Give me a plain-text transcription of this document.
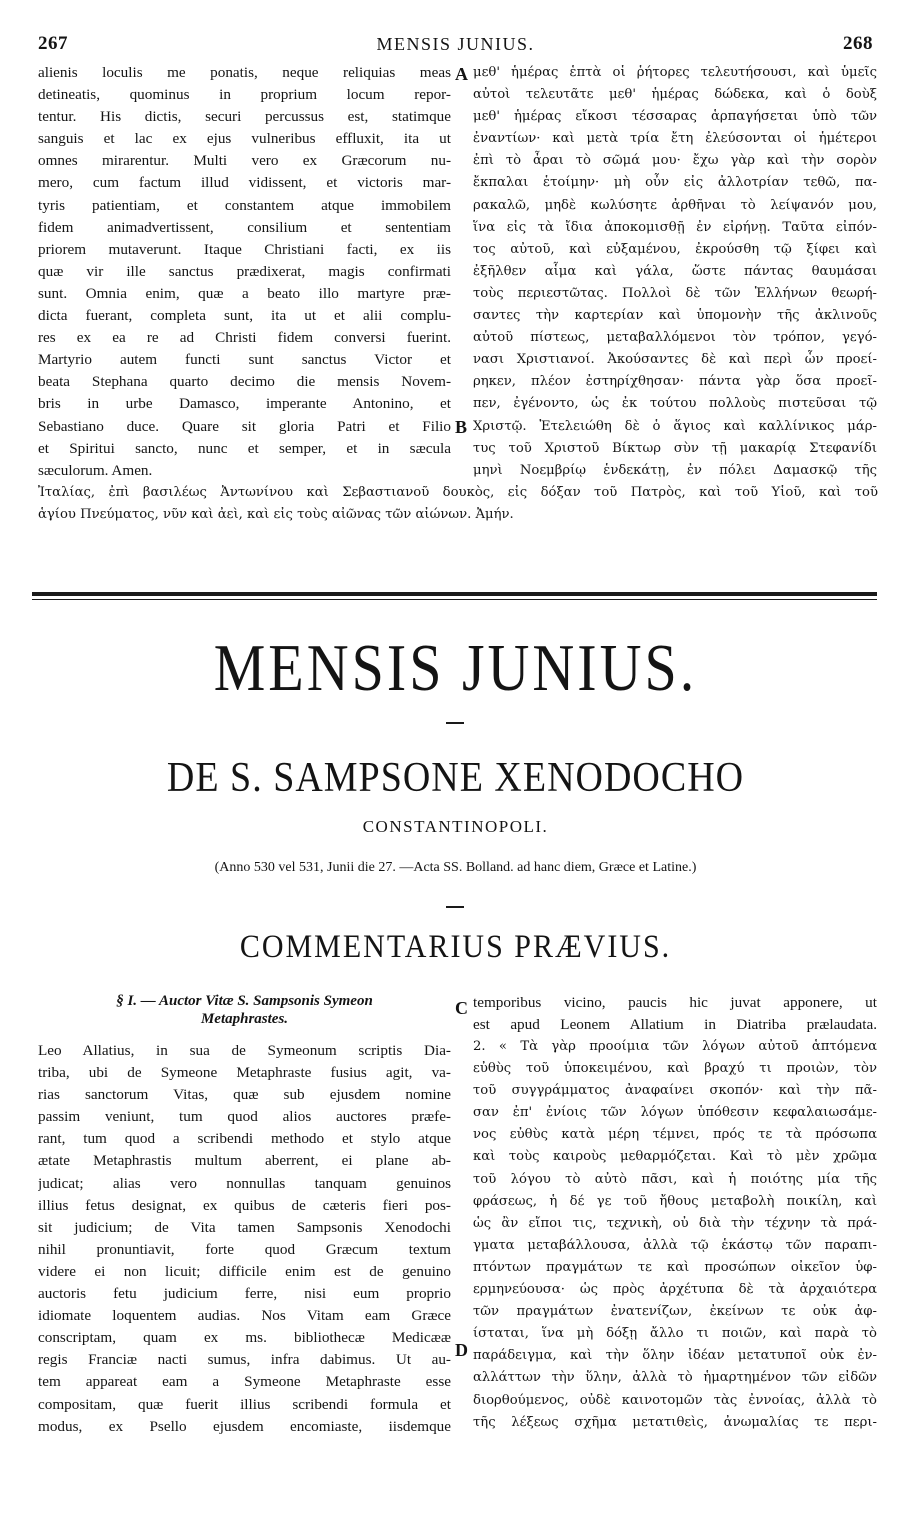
267	MENSIS JUNIUS.	268
alienis loculis me ponatis, neque reliquias meas
detineatis, quominus in proprium locum repor-
tentur. His dictis, securi percussus est, statimque
sanguis et lac ex ejus vulneribus effluxit, ita ut
omnes mirarentur. Multi vero ex Græcorum nu-
mero, cum factum illud vidissent, et victoris mar-
tyris patientiam, et constantem atque immobilem
fidem animadvertissent, consilium et sententiam
priorem mutaverunt. Itaque Christiani facti, ex iis
quæ vir ille sanctus prædixerat, magis confirmati
sunt. Omnia enim, quæ a beato illo martyre præ-
dicta fuerant, completa sunt, ita ut et alii complu-
res ex ea re ad Christi fidem conversi fuerint.
Martyrio autem functi sunt sanctus Victor et
beata Stephana quarto decimo die mensis Novem-
bris in urbe Damasco, imperante Antonino, et
Sebastiano duce. Quare sit gloria Patri et Filio
et Spiritui sancto, nunc et semper, et in sæcula
sæculorum. Amen.
A
B
μεθ' ἡμέρας ἑπτὰ οἱ ῥήτορες τελευτήσουσι, καὶ ὑμεῖς
αὐτοὶ τελευτᾶτε μεθ' ἡμέρας δώδεκα, καὶ ὁ δοὺξ
μεθ' ἡμέρας εἴκοσι τέσσαρας ἁρπαγήσεται ὑπὸ τῶν
ἐναντίων· καὶ μετὰ τρία ἔτη ἐλεύσονται οἱ ἡμέτεροι
ἐπὶ τὸ ἆραι τὸ σῶμά μου· ἔχω γὰρ καὶ τὴν σορὸν
ἔκπαλαι ἑτοίμην· μὴ οὖν εἰς ἀλλοτρίαν τεθῶ, πα-
ρακαλῶ, μηδὲ κωλύσητε ἀρθῆναι τὸ λείψανόν μου,
ἵνα εἰς τὰ ἴδια ἀποκομισθῇ ἐν εἰρήνῃ. Ταῦτα εἰπόν-
τος αὐτοῦ, καὶ εὐξαμένου, ἐκρούσθη τῷ ξίφει καὶ
ἐξῆλθεν αἷμα καὶ γάλα, ὥστε πάντας θαυμάσαι
τοὺς περιεστῶτας. Πολλοὶ δὲ τῶν Ἑλλήνων θεωρή-
σαντες τὴν καρτερίαν καὶ ὑπομονὴν τῆς ἀκλινοῦς
αὐτοῦ πίστεως, μεταβαλλόμενοι τὸν τρόπον, γεγό-
νασι Χριστιανοί. Ἀκούσαντες δὲ καὶ περὶ ὧν προεί-
ρηκεν, πλέον ἐστηρίχθησαν· πάντα γὰρ ὅσα προεῖ-
πεν, ἐγένοντο, ὡς ἐκ τούτου πολλοὺς πιστεῦσαι τῷ
Χριστῷ. Ἐτελειώθη δὲ ὁ ἅγιος καὶ καλλίνικος μάρ-
τυς τοῦ Χριστοῦ Βίκτωρ σὺν τῇ μακαρίᾳ Στεφανίδι
μηνὶ Νοεμβρίῳ ἑνδεκάτῃ, ἐν πόλει Δαμασκῷ τῆς
Ἰταλίας, ἐπὶ βασιλέως Ἀντωνίνου καὶ Σεβαστιανοῦ δουκὸς, εἰς δόξαν τοῦ Πατρὸς, καὶ τοῦ Υἱοῦ, καὶ τοῦ
ἁγίου Πνεύματος, νῦν καὶ ἀεὶ, καὶ εἰς τοὺς αἰῶνας τῶν αἰώνων. Ἀμήν.
MENSIS JUNIUS.
DE S. SAMPSONE XENODOCHO
CONSTANTINOPOLI.
(Anno 530 vel 531, Junii die 27. —Acta SS. Bolland. ad hanc diem, Græce et Latine.)
COMMENTARIUS PRÆVIUS.
§ I. — Auctor Vitæ S. Sampsonis Symeon
Metaphrastes.
Leo Allatius, in sua de Symeonum scriptis Dia-
triba, ubi de Symeone Metaphraste fusius agit, va-
rias sanctorum Vitas, quæ sub ejusdem nomine
passim veniunt, tum quod alios auctores præfe-
rant, tum quod a scribendi methodo et stylo atque
ætate Metaphrastis multum aberrent, ei plane ab-
judicat; alias vero nonnullas tanquam genuinos
illius fetus designat, ex quibus de cæteris fieri pos-
sit judicium; de Vita tamen Sampsonis Xenodochi
nihil pronuntiavit, forte quod Græcum textum
videre ei non licuit; difficile enim est de genuino
auctoris fetu judicium ferre, nisi eum proprio
idiomate loquentem audias. Nos Vitam eam Græce
conscriptam, quam ex ms. bibliothecæ Medicææ
regis Franciæ nacti sumus, infra dabimus. Ut au-
tem appareat eam a Symeone Metaphraste esse
compositam, quæ fuerit illius scribendi formula et
modus, ex Psello ejusdem encomiaste, iisdemque
C
D
temporibus vicino, paucis hic juvat apponere, ut
est apud Leonem Allatium in Diatriba prælaudata.
2. « Τὰ γὰρ προοίμια τῶν λόγων αὐτοῦ ἁπτόμενα
εὐθὺς τοῦ ὑποκειμένου, καὶ βραχύ τι προιὼν, τὸν
τοῦ συγγράμματος ἀναφαίνει σκοπόν· καὶ τὴν πᾶ-
σαν ἐπ' ἐνίοις τῶν λόγων ὑπόθεσιν κεφαλαιωσάμε-
νος εὐθὺς κατὰ μέρη τέμνει, πρός τε τὰ πρόσωπα
καὶ τοὺς καιροὺς μεθαρμόζεται. Καὶ τὸ μὲν χρῶμα
τοῦ λόγου τὸ αὐτὸ πᾶσι, καὶ ἡ ποιότης μία τῆς
φράσεως, ἡ δέ γε τοῦ ἤθους μεταβολὴ ποικίλη, καὶ
ὡς ἂν εἴποι τις, τεχνικὴ, οὐ διὰ τὴν τέχνην τὰ πρά-
γματα μεταβάλλουσα, ἀλλὰ τῷ ἑκάστῳ τῶν παραπι-
πτόντων πραγμάτων τε καὶ προσώπων οἰκεῖον ὑφ-
ερμηνεύουσα· ὡς πρὸς ἀρχέτυπα δὲ τὰ ἀρχαιότερα
τῶν πραγμάτων ἐνατενίζων, ἐκείνων τε οὐκ ἀφ-
ίσταται, ἵνα μὴ δόξῃ ἄλλο τι ποιῶν, καὶ παρὰ τὸ
παράδειγμα, καὶ τὴν ὅλην ἰδέαν μετατυποῖ οὐκ ἐν-
αλλάττων τὴν ὕλην, ἀλλὰ τὸ ἡμαρτημένον τῶν εἰδῶν
διορθούμενος, οὐδὲ καινοτομῶν τὰς ἐννοίας, ἀλλὰ τὸ
τῆς λέξεως σχῆμα μετατιθεὶς, ἀνωμαλίας τε περι-
